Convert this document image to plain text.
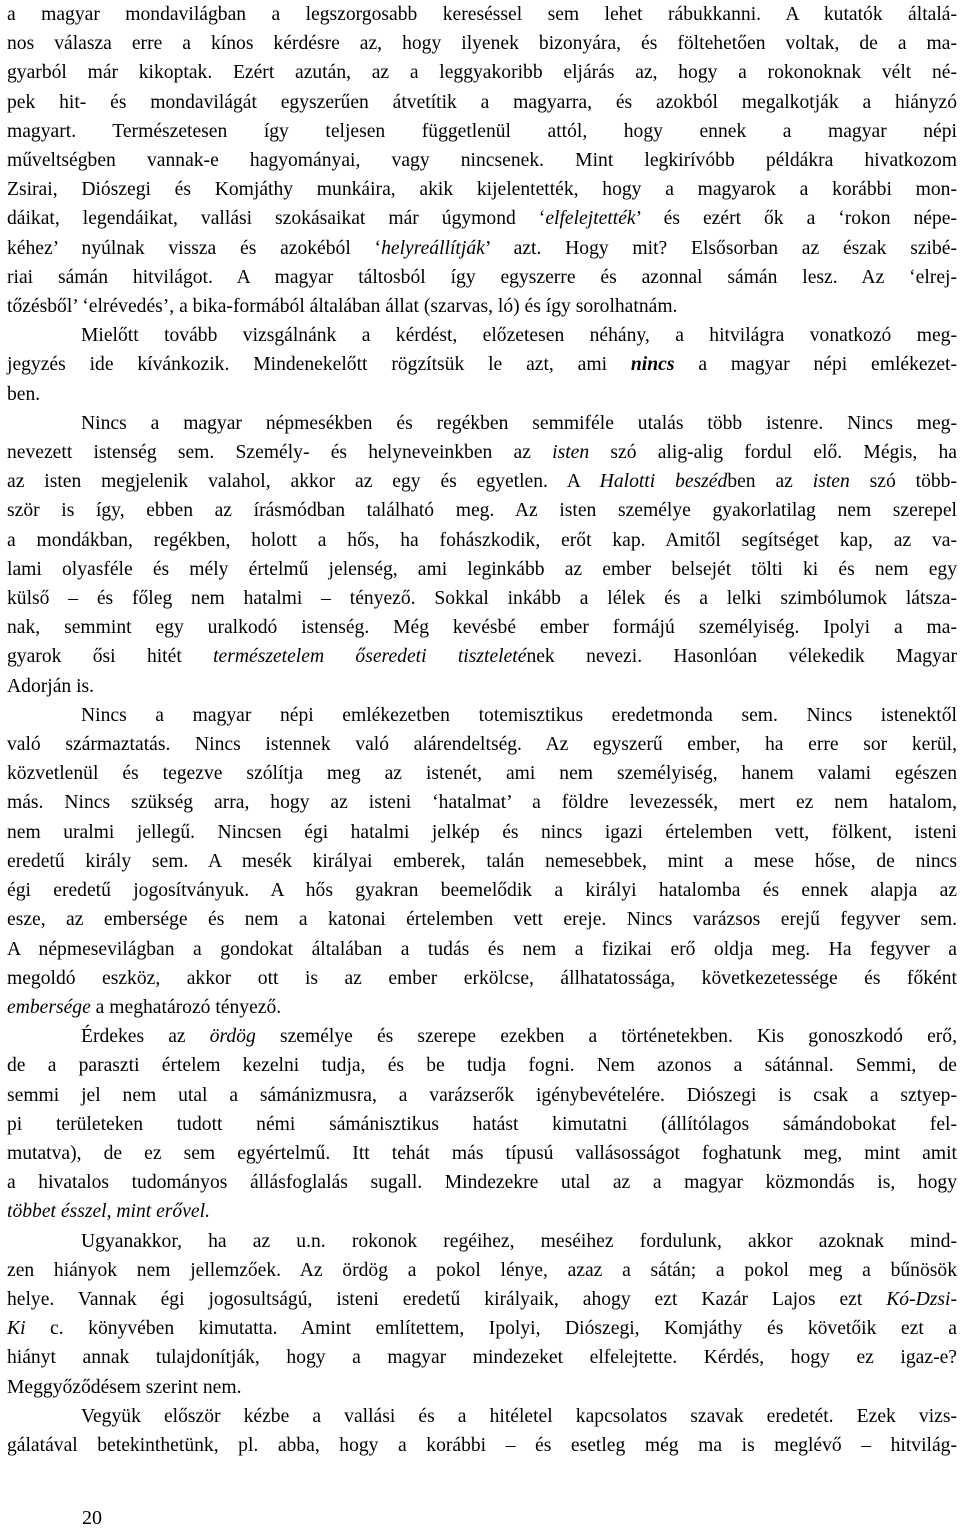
a magyar mondavilágban a legszorgosabb kereséssel sem lehet rábukkanni. A kutatók általá-
nos válasza erre a kínos kérdésre az, hogy ilyenek bizonyára, és föltehetően voltak, de a ma-
gyarból már kikoptak. Ezért azután, az a leggyakoribb eljárás az, hogy a rokonoknak vélt né-
pek hit- és mondavilágát egyszerűen átvetítik a magyarra, és azokból megalkotják a hiányzó
magyart. Természetesen így teljesen függetlenül attól, hogy ennek a magyar népi
műveltségben vannak-e hagyományai, vagy nincsenek. Mint legkirívóbb példákra hivatkozom
Zsirai, Diószegi és Komjáthy munkáira, akik kijelentették, hogy a magyarok a korábbi mon-
dáikat, legendáikat, vallási szokásaikat már úgymond ‘elfelejtették’ és ezért ők a ‘rokon népe-
kéhez’ nyúlnak vissza és azokéból ‘helyreállítják’ azt. Hogy mit? Elsősorban az észak szibé-
riai sámán hitvilágot. A magyar táltosból így egyszerre és azonnal sámán lesz. Az ‘elrej-
tőzésből’ ‘elrévedés’, a bika-formából általában állat (szarvas, ló) és így sorolhatnám.

Mielőtt tovább vizsgálnánk a kérdést, előzetesen néhány, a hitvilágra vonatkozó meg-
jegyzés ide kívánkozik. Mindenekelőtt rögzítsük le azt, ami nincs a magyar népi emlékezet-
ben.

Nincs a magyar népmesékben és regékben semmiféle utalás több istenre. Nincs meg-
nevezett istenség sem. Személy- és helyneveinkben az isten szó alig-alig fordul elő. Mégis, ha
az isten megjelenik valahol, akkor az egy és egyetlen. A Halotti beszédben az isten szó több-
ször is így, ebben az írásmódban található meg. Az isten személye gyakorlatilag nem szerepel
a mondákban, regékben, holott a hős, ha fohászkodik, erőt kap. Amitől segítséget kap, az va-
lami olyasféle és mély értelmű jelenség, ami leginkább az ember belsejét tölti ki és nem egy
külső – és főleg nem hatalmi – tényező. Sokkal inkább a lélek és a lelki szimbólumok látsza-
nak, semmint egy uralkodó istenség. Még kevésbé ember formájú személyiség. Ipolyi a ma-
gyarok ősi hitét természetelem őseredeti tiszteletének nevezi. Hasonlóan vélekedik Magyar
Adorján is.

Nincs a magyar népi emlékezetben totemisztikus eredetmonda sem. Nincs istenektől
való származtatás. Nincs istennek való alárendeltség. Az egyszerű ember, ha erre sor kerül,
közvetlenül és tegezve szólítja meg az istenét, ami nem személyiség, hanem valami egészen
más. Nincs szükség arra, hogy az isteni ‘hatalmat’ a földre levezessék, mert ez nem hatalom,
nem uralmi jellegű. Nincsen égi hatalmi jelkép és nincs igazi értelemben vett, fölkent, isteni
eredetű király sem. A mesék királyai emberek, talán nemesebbek, mint a mese hőse, de nincs
égi eredetű jogosítványuk. A hős gyakran beemelődik a királyi hatalomba és ennek alapja az
esze, az embersége és nem a katonai értelemben vett ereje. Nincs varázsos erejű fegyver sem.
A népmesevilágban a gondokat általában a tudás és nem a fizikai erő oldja meg. Ha fegyver a
megoldó eszköz, akkor ott is az ember erkölcse, állhatatossága, következetessége és főként
embersége a meghatározó tényező.

Érdekes az ördög személye és szerepe ezekben a történetekben. Kis gonoszkodó erő,
de a paraszti értelem kezelni tudja, és be tudja fogni. Nem azonos a sátánnal. Semmi, de
semmi jel nem utal a sámánizmusra, a varázserők igénybevételére. Diószegi is csak a sztyep-
pi területeken tudott némi sámánisztikus hatást kimutatni (állítólagos sámándobokat fel-
mutatva), de ez sem egyértelmű. Itt tehát más típusú vallásosságot foghatunk meg, mint amit
a hivatalos tudományos állásfoglalás sugall. Mindezekre utal az a magyar közmondás is, hogy
többet ésszel, mint erővel.

Ugyanakkor, ha az u.n. rokonok regéihez, meséihez fordulunk, akkor azoknak mind-
zen hiányok nem jellemzőek. Az ördög a pokol lénye, azaz a sátán; a pokol meg a bűnösök
helye. Vannak égi jogosultságú, isteni eredetű királyaik, ahogy ezt Kazár Lajos ezt Kó-Dzsi-
Ki c. könyvében kimutatta. Amint említettem, Ipolyi, Diószegi, Komjáthy és követőik ezt a
hiányt annak tulajdonítják, hogy a magyar mindezeket elfelejtette. Kérdés, hogy ez igaz-e?
Meggyőződésem szerint nem.

Vegyük először kézbe a vallási és a hitéletel kapcsolatos szavak eredetét. Ezek vizs-
gálatával betekinthetünk, pl. abba, hogy a korábbi – és esetleg még ma is meglévő – hitvilág-

20
